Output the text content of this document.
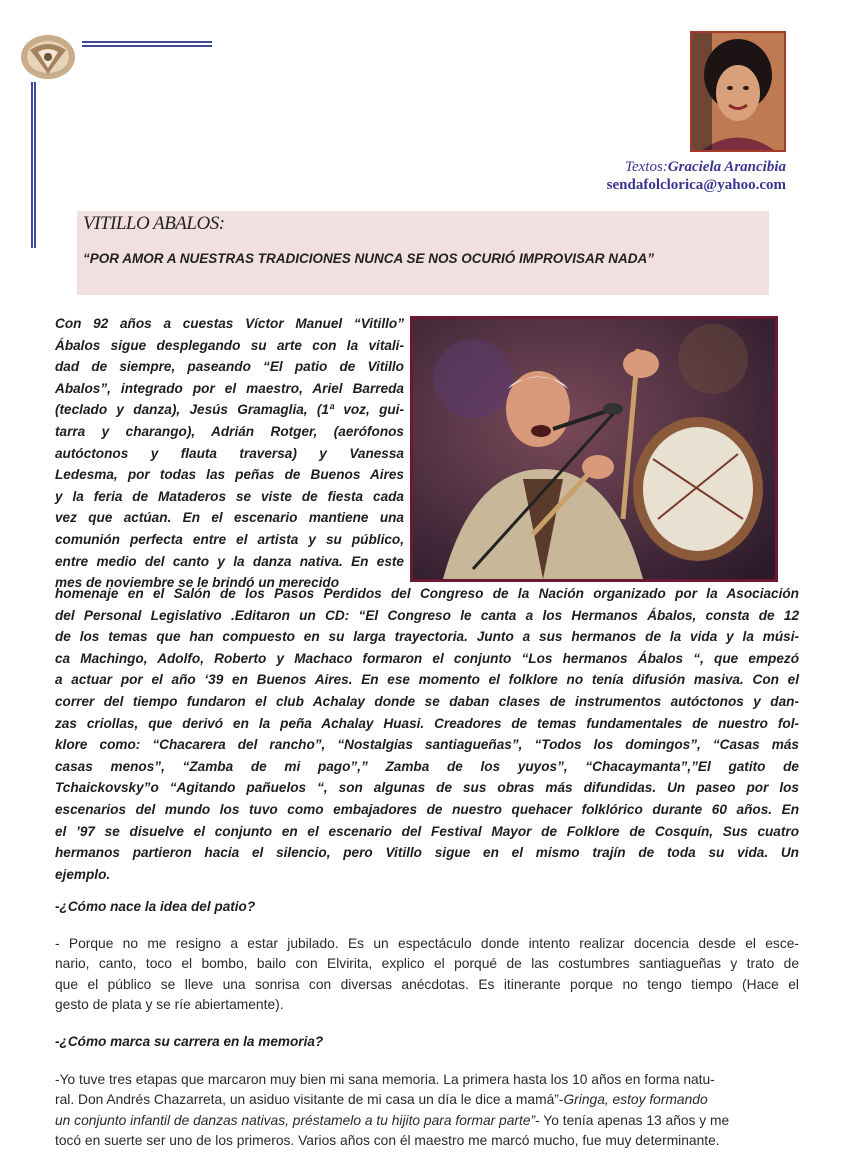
Textos:Graciela Arancibia
sendafolclorica@yahoo.com
VITILLO ABALOS:
“POR AMOR A NUESTRAS TRADICIONES NUNCA SE NOS OCURIÓ IMPROVISAR NADA”
Con 92 años a cuestas Víctor Manuel “Vitillo”
Ábalos sigue desplegando su arte con la vitali-
dad de siempre, paseando “El patio de Vitillo
Abalos”, integrado por el maestro, Ariel Barreda
(teclado y danza), Jesús Gramaglia, (1ª voz, gui-
tarra y charango), Adrián Rotger, (aerófonos
autóctonos y flauta traversa) y Vanessa
Ledesma, por todas las peñas de Buenos Aires
y la feria de Mataderos se viste de fiesta cada
vez que actúan. En el escenario mantiene una
comunión perfecta entre el artista y su público,
entre medio del canto y la danza nativa. En este
mes de noviembre se le brindó un merecido
homenaje en el Salón de los Pasos Perdidos del Congreso de la Nación organizado por la Asociación
del Personal Legislativo .Editaron un CD: “El Congreso le canta a los Hermanos Ábalos, consta de 12
de los temas que han compuesto en su larga trayectoria. Junto a sus hermanos de la vida y la músi-
ca Machingo, Adolfo, Roberto y Machaco formaron el conjunto “Los hermanos Ábalos “, que empezó
a actuar por el año ‘39 en Buenos Aires. En ese momento el folklore no tenía difusión masiva. Con el
correr del tiempo fundaron el club Achalay donde se daban clases de instrumentos autóctonos y dan-
zas criollas, que derivó en la peña Achalay Huasi. Creadores de temas fundamentales de nuestro fol-
klore como: “Chacarera del rancho”, “Nostalgias santiagueñas”, “Todos los domingos”, “Casas más
casas menos”, “Zamba de mi pago”,” Zamba de los yuyos”, “Chacaymanta”,”El gatito de
Tchaickovsky”o “Agitando pañuelos “, son algunas de sus obras más difundidas. Un paseo por los
escenarios del mundo los tuvo como embajadores de nuestro quehacer folklórico durante 60 años. En
el ’97 se disuelve el conjunto en el escenario del Festival Mayor de Folklore de Cosquín, Sus cuatro
hermanos partieron hacia el silencio, pero Vitillo sigue en el mismo trajín de toda su vida. Un
ejemplo.
-¿Cómo nace la idea del patio?
- Porque no me resigno a estar jubilado. Es un espectáculo donde intento realizar docencia desde el esce-
nario, canto, toco el bombo, bailo con Elvirita, explico el porqué de las costumbres santiagueñas y trato de
que el público se lleve una sonrisa con diversas anécdotas. Es itinerante porque no tengo tiempo (Hace el
gesto de plata y se ríe abiertamente).
-¿Cómo marca su carrera en la memoria?
-Yo tuve tres etapas que marcaron muy bien mi sana memoria. La primera hasta los 10 años en forma natu-
ral. Don Andrés Chazarreta, un asiduo visitante de mi casa un día le dice a mamá”-Gringa, estoy formando
un conjunto infantil de danzas nativas, préstamelo a tu hijito para formar parte”- Yo tenía apenas 13 años y me
tocó en suerte ser uno de los primeros. Varios años con él maestro me marcó mucho, fue muy determinante.
